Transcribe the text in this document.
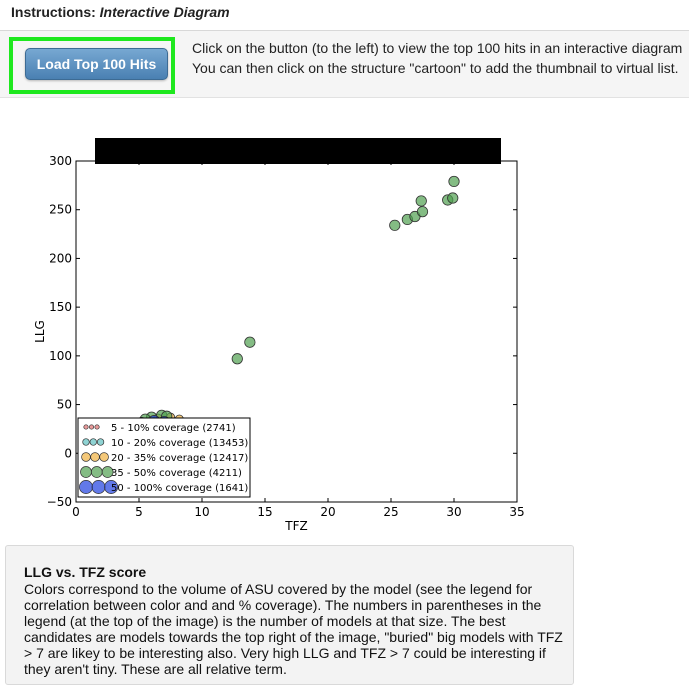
Instructions: Interactive Diagram
Load Top 100 Hits
Click on the button (to the left) to view the top 100 hits in an interactive diagram
You can then click on the structure "cartoon" to add the thumbnail to virtual list.
0	5	10	15	20	25	30	35
−50
0
50
100
150
200
250
300
TFZ
LLG
5 - 10% coverage (2741)
10 - 20% coverage (13453)
20 - 35% coverage (12417)
35 - 50% coverage (4211)
50 - 100% coverage (1641)
LLG vs. TFZ score
Colors correspond to the volume of ASU covered by the model (see the legend for correlation between color and and % coverage). The numbers in parentheses in the legend (at the top of the image) is the number of models at that size. The best candidates are models towards the top right of the image, "buried" big models with TFZ > 7 are likey to be interesting also. Very high LLG and TFZ > 7 could be interesting if they aren't tiny. These are all relative term.
